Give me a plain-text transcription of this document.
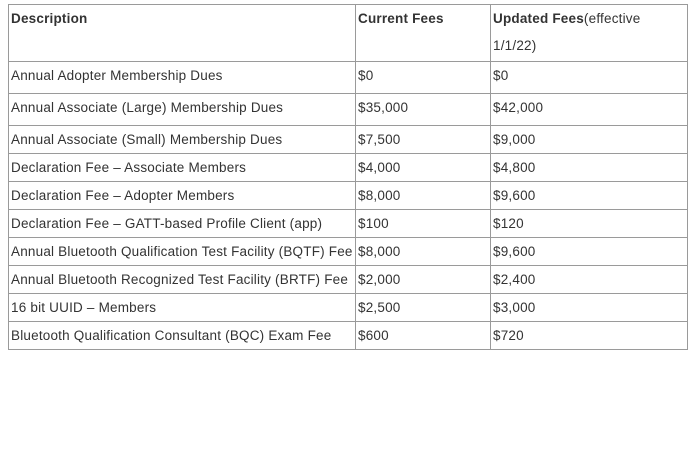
Description	Current Fees	Updated Fees(effective 1/1/22)
Annual Adopter Membership Dues	$0	$0
Annual Associate (Large) Membership Dues	$35,000	$42,000
Annual Associate (Small) Membership Dues	$7,500	$9,000
Declaration Fee – Associate Members	$4,000	$4,800
Declaration Fee – Adopter Members	$8,000	$9,600
Declaration Fee – GATT-based Profile Client (app)	$100	$120
Annual Bluetooth Qualification Test Facility (BQTF) Fee	$8,000	$9,600
Annual Bluetooth Recognized Test Facility (BRTF) Fee	$2,000	$2,400
16 bit UUID – Members	$2,500	$3,000
Bluetooth Qualification Consultant (BQC) Exam Fee	$600	$720
